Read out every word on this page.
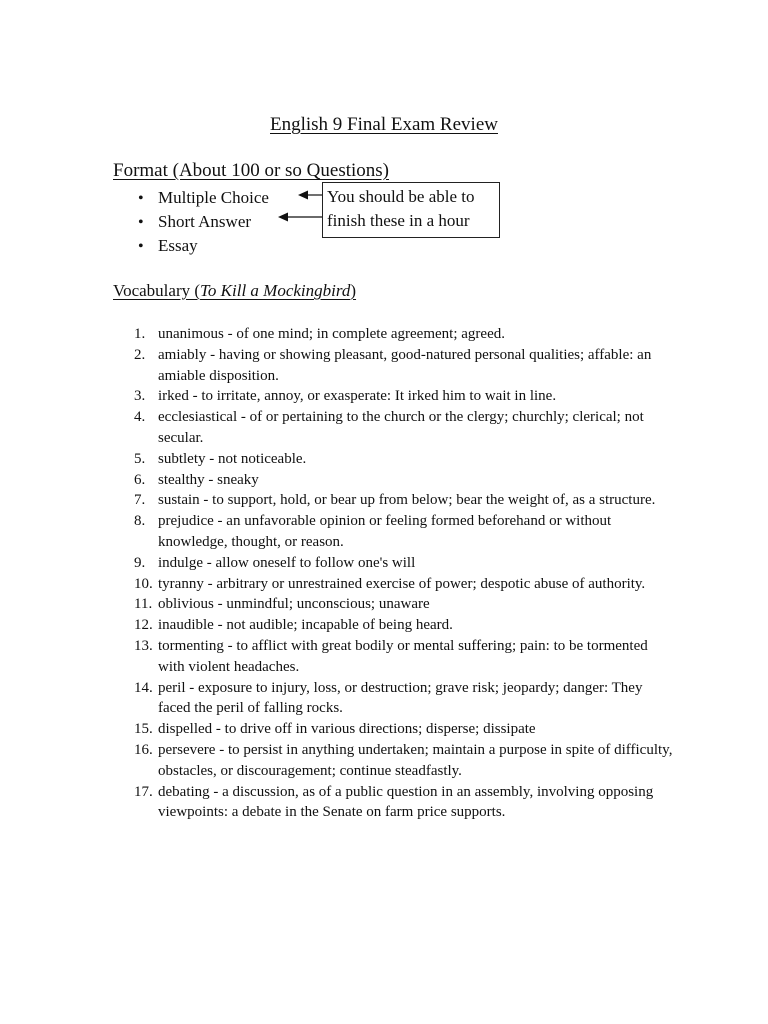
English 9 Final Exam Review
Format (About 100 or so Questions)
• Multiple Choice
• Short Answer
• Essay
You should be able to
finish these in a hour
Vocabulary (To Kill a Mockingbird)
1. unanimous - of one mind; in complete agreement; agreed.
2. amiably - having or showing pleasant, good-natured personal qualities; affable: an amiable disposition.
3. irked - to irritate, annoy, or exasperate: It irked him to wait in line.
4. ecclesiastical - of or pertaining to the church or the clergy; churchly; clerical; not secular.
5. subtlety - not noticeable.
6. stealthy - sneaky
7. sustain - to support, hold, or bear up from below; bear the weight of, as a structure.
8. prejudice - an unfavorable opinion or feeling formed beforehand or without knowledge, thought, or reason.
9. indulge - allow oneself to follow one's will
10. tyranny - arbitrary or unrestrained exercise of power; despotic abuse of authority.
11. oblivious - unmindful; unconscious; unaware
12. inaudible - not audible; incapable of being heard.
13. tormenting - to afflict with great bodily or mental suffering; pain: to be tormented with violent headaches.
14. peril - exposure to injury, loss, or destruction; grave risk; jeopardy; danger: They faced the peril of falling rocks.
15. dispelled - to drive off in various directions; disperse; dissipate
16. persevere - to persist in anything undertaken; maintain a purpose in spite of difficulty, obstacles, or discouragement; continue steadfastly.
17. debating - a discussion, as of a public question in an assembly, involving opposing viewpoints: a debate in the Senate on farm price supports.
